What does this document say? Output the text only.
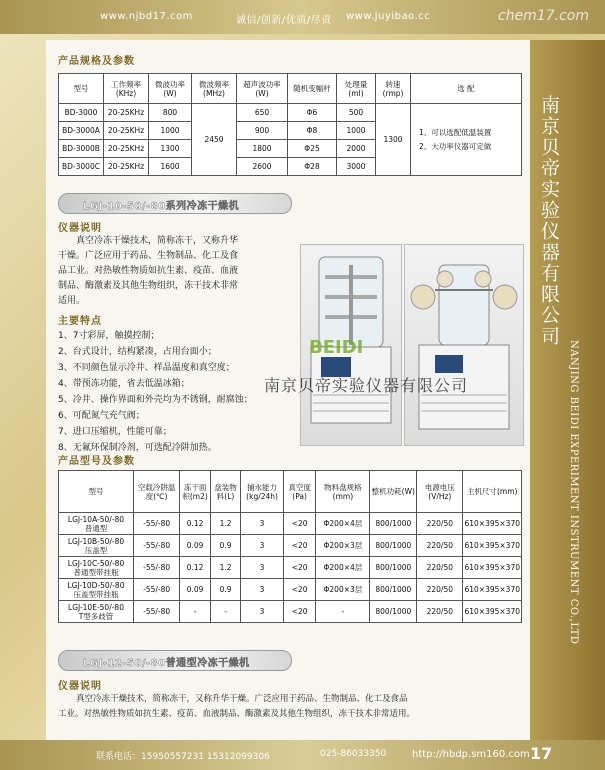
www.njbd17.com	诚信/创新/优质/尽责 www.juyibao.cc	chem17.com
南京贝帝实验仪器有限公司
NANJING BEIDI EXPERIMENT INSTRUMENT CO.,LTD
产品规格及参数
型号	工作频率(KHz)	微波功率(W)	微波频率(MHz)	超声波功率(W)	随机变幅杆	处理量(ml)	转速(rmp)	选 配
BD-3000	20-25KHz	800	2450	650	Φ6	500	1300	1、可以选配低温装置
2、大功率仪器可定做

BD-3000A	20-25KHz	1000		900	Φ8	1000		
BD-3000B	20-25KHz	1300		1800	Φ25	2000		
BD-3000C	20-25KHz	1600		2600	Φ28	3000		
LGJ-10-50/-80系列冷冻干燥机
仪器说明
真空冷冻干燥技术，简称冻干，又称升华
干燥。广泛应用于药品、生物制品、化工及食
品工业。对热敏性物质如抗生素、疫苗、血液
制品、酶激素及其他生物组织，冻干技术非常
适用。
主要特点
1、7寸彩屏，触摸控制；
2、台式设计，结构紧凑，占用台面小；
3、不同颜色显示冷井、样品温度和真空度；
4、带预冻功能，省去低温冰箱；
5、冷井、操作界面和外壳均为不锈钢，耐腐蚀；
6、可配氮气充气阀；
7、进口压缩机，性能可靠；
8、无氟环保制冷剂，可选配冷阱加热。
BEIDI
南京贝帝实验仪器有限公司
产品型号及参数
型号	空载冷阱温度(℃)	冻干面积(m2)	盘装物料(L)	捕水能力(kg/24h)	真空度(Pa)	物料盘规格(mm)	整机功耗(W)	电源电压(V/Hz)	主机尺寸(mm)

LGJ-10A-50/-80
普通型	-55/-80	0.12	1.2	3	<20	Φ200×4层	800/1000	220/50	610×395×370

LGJ-10B-50/-80
压盖型	-55/-80	0.09	0.9	3	<20	Φ200×3层	800/1000	220/50	610×395×370

LGJ-10C-50/-80
普通型带挂瓶	-55/-80	0.12	1.2	3	<20	Φ200×4层	800/1000	220/50	610×395×370

LGJ-10D-50/-80
压盖型带挂瓶	-55/-80	0.09	0.9	3	<20	Φ200×3层	800/1000	220/50	610×395×370

LGJ-10E-50/-80
T型多歧管	-55/-80	-	-	3	<20	-	800/1000	220/50	610×395×370
LGJ-12-50/-80普通型冷冻干燥机
仪器说明
真空冷冻干燥技术，简称冻干，又称升华干燥。广泛应用于药品、生物制品、化工及食品
工业。对热敏性物质如抗生素、疫苗、血液制品、酶激素及其他生物组织，冻干技术非常适用。
联系电话：15950557231 15312099306	025-86033350	http://hbdp.sm160.com 17
